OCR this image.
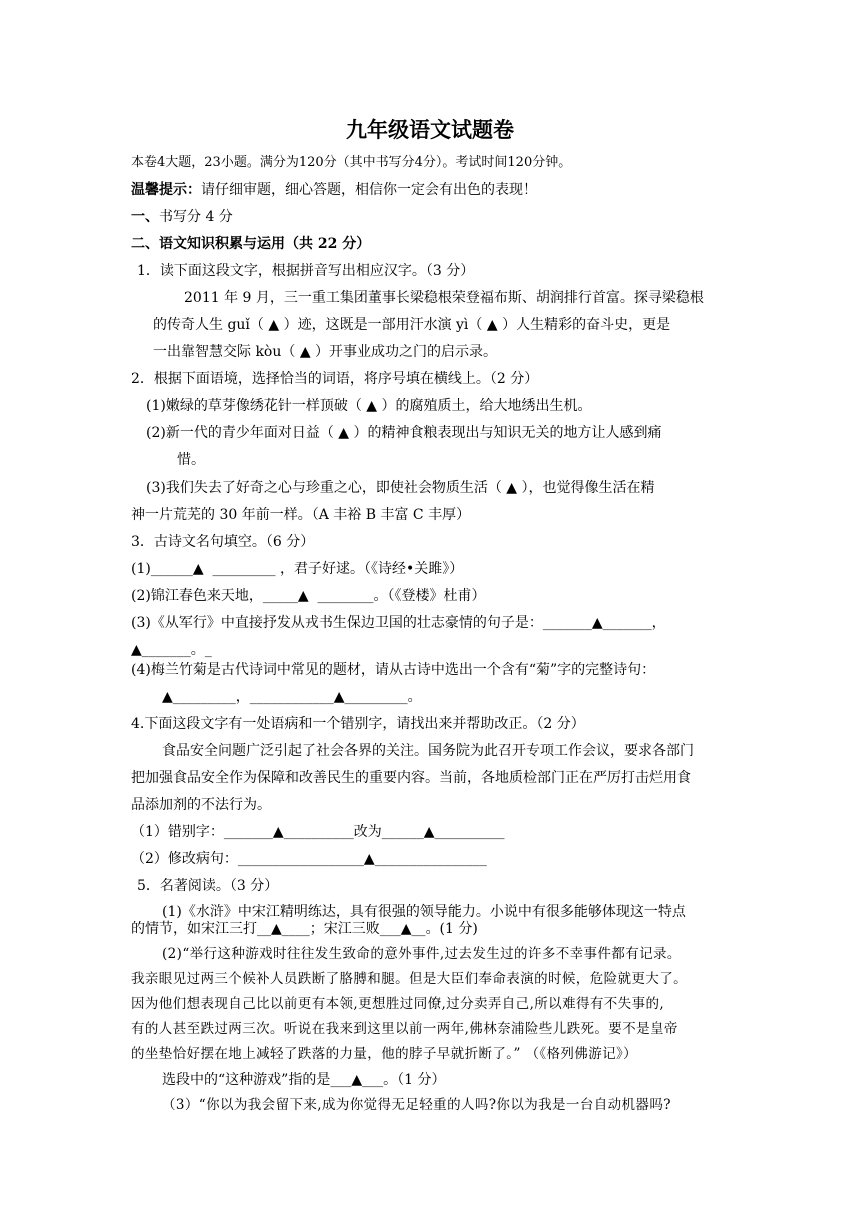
九年级语文试题卷
本卷4大题，23小题。满分为120分（其中书写分4分）。考试时间120分钟。
温馨提示：请仔细审题，细心答题，相信你一定会有出色的表现！
一、书写分 4 分
二、语文知识积累与运用（共 22 分）
1．读下面这段文字，根据拼音写出相应汉字。（3 分）
2011 年 9 月，三一重工集团董事长梁稳根荣登福布斯、胡润排行首富。探寻梁稳根
的传奇人生 guǐ（ ▲ ）迹，这既是一部用汗水演 yì（ ▲ ）人生精彩的奋斗史，更是
一出靠智慧交际 kòu（ ▲ ）开事业成功之门的启示录。
2．根据下面语境，选择恰当的词语，将序号填在横线上。（2 分）
(1)嫩绿的草芽像绣花针一样顶破（ ▲ ）的腐殖质土，给大地绣出生机。
(2)新一代的青少年面对日益（ ▲ ）的精神食粮表现出与知识无关的地方让人感到痛
惜。
(3)我们失去了好奇之心与珍重之心，即使社会物质生活（ ▲ ），也觉得像生活在精
神一片荒芜的 30 年前一样。（A 丰裕 B 丰富 C 丰厚）
3．古诗文名句填空。（6 分）
(1)______▲ _________ ，君子好逑。（《诗经•关雎》）
(2)锦江春色来天地，_____▲ ________。（《登楼》杜甫）
(3)《从军行》中直接抒发从戎书生保边卫国的壮志豪情的句子是：_______▲_______，
▲_______。_
(4)梅兰竹菊是古代诗词中常见的题材，请从古诗中选出一个含有“菊”字的完整诗句：
▲_________，____________▲_________。
4.下面这段文字有一处语病和一个错别字，请找出来并帮助改正。（2 分）
食品安全问题广泛引起了社会各界的关注。国务院为此召开专项工作会议，要求各部门
把加强食品安全作为保障和改善民生的重要内容。当前，各地质检部门正在严厉打击烂用食
品添加剂的不法行为。
（1）错别字：_______▲__________改为______▲__________
（2）修改病句：__________________▲________________
5．名著阅读。（3 分）
(1)《水浒》中宋江精明练达，具有很强的领导能力。小说中有很多能够体现这一特点
的情节，如宋江三打__▲____；宋江三败___▲__。(1 分)
(2)“举行这种游戏时往往发生致命的意外事件,过去发生过的许多不幸事件都有记录。
我亲眼见过两三个候补人员跌断了胳膊和腿。但是大臣们奉命表演的时候，危险就更大了。
因为他们想表现自己比以前更有本领,更想胜过同僚,过分卖弄自己,所以难得有不失事的,
有的人甚至跌过两三次。听说在我来到这里以前一两年,佛林奈浦险些儿跌死。要不是皇帝
的坐垫恰好摆在地上减轻了跌落的力量，他的脖子早就折断了。” （《格列佛游记》）
选段中的“这种游戏”指的是___▲___。（1 分）
（3）“你以为我会留下来,成为你觉得无足轻重的人吗?你以为我是一台自动机器吗?
